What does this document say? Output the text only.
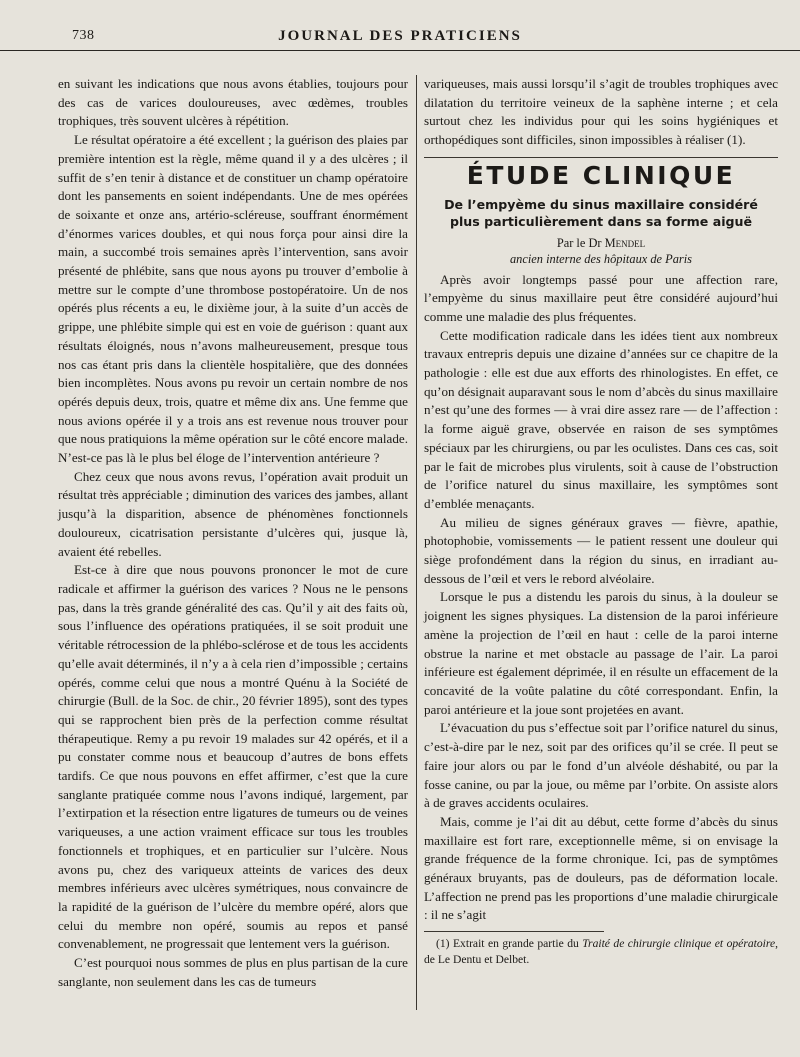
738	JOURNAL DES PRATICIENS

en suivant les indications que nous avons établies, toujours pour des cas de varices douloureuses, avec œdèmes, troubles trophiques, très souvent ulcères à répétition.

Le résultat opératoire a été excellent ; la guérison des plaies par première intention est la règle, même quand il y a des ulcères ; il suffit de s’en tenir à distance et de constituer un champ opératoire dont les pansements en soient indépendants. Une de mes opérées de soixante et onze ans, artério-scléreuse, souffrant énormément d’énormes varices doubles, et qui nous força pour ainsi dire la main, a succombé trois semaines après l’intervention, sans avoir présenté de phlébite, sans que nous ayons pu trouver d’embolie à mettre sur le compte d’une thrombose postopératoire. Un de nos opérés plus récents a eu, le dixième jour, à la suite d’un accès de grippe, une phlébite simple qui est en voie de guérison : quant aux résultats éloignés, nous n’avons malheureusement, presque tous nos cas étant pris dans la clientèle hospitalière, que des données bien incomplètes. Nous avons pu revoir un certain nombre de nos opérés depuis deux, trois, quatre et même dix ans. Une femme que nous avions opérée il y a trois ans est revenue nous trouver pour que nous pratiquions la même opération sur le côté encore malade. N’est-ce pas là le plus bel éloge de l’intervention antérieure ?

Chez ceux que nous avons revus, l’opération avait produit un résultat très appréciable ; diminution des varices des jambes, allant jusqu’à la disparition, absence de phénomènes fonctionnels douloureux, cicatrisation persistante d’ulcères qui, jusque là, avaient été rebelles.

Est-ce à dire que nous pouvons prononcer le mot de cure radicale et affirmer la guérison des varices ? Nous ne le pensons pas, dans la très grande généralité des cas. Qu’il y ait des faits où, sous l’influence des opérations pratiquées, il se soit produit une véritable rétrocession de la phlébo-sclérose et de tous les accidents qu’elle avait déterminés, il n’y a à cela rien d’impossible ; certains opérés, comme celui que nous a montré Quénu à la Société de chirurgie (Bull. de la Soc. de chir., 20 février 1895), sont des types qui se rapprochent bien près de la perfection comme résultat thérapeutique. Remy a pu revoir 19 malades sur 42 opérés, et il a pu constater comme nous et beaucoup d’autres de bons effets tardifs. Ce que nous pouvons en effet affirmer, c’est que la cure sanglante pratiquée comme nous l’avons indiqué, largement, par l’extirpation et la résection entre ligatures de tumeurs ou de veines variqueuses, a une action vraiment efficace sur tous les troubles fonctionnels et trophiques, et en particulier sur l’ulcère. Nous avons pu, chez des variqueux atteints de varices des deux membres inférieurs avec ulcères symétriques, nous convaincre de la rapidité de la guérison de l’ulcère du membre opéré, alors que celui du membre non opéré, soumis au repos et pansé convenablement, ne progressait que lentement vers la guérison.

C’est pourquoi nous sommes de plus en plus partisan de la cure sanglante, non seulement dans les cas de tumeurs

variqueuses, mais aussi lorsqu’il s’agit de troubles trophiques avec dilatation du territoire veineux de la saphène interne ; et cela surtout chez les individus pour qui les soins hygiéniques et orthopédiques sont difficiles, sinon impossibles à réaliser (1).

ÉTUDE CLINIQUE
De l’empyème du sinus maxillaire considéré plus particulièrement dans sa forme aiguë
Par le Dr Mendel
ancien interne des hôpitaux de Paris

Après avoir longtemps passé pour une affection rare, l’empyème du sinus maxillaire peut être considéré aujourd’hui comme une maladie des plus fréquentes.

Cette modification radicale dans les idées tient aux nombreux travaux entrepris depuis une dizaine d’années sur ce chapitre de la pathologie : elle est due aux efforts des rhinologistes. En effet, ce qu’on désignait auparavant sous le nom d’abcès du sinus maxillaire n’est qu’une des formes — à vrai dire assez rare — de l’affection : la forme aiguë grave, observée en raison de ses symptômes spéciaux par les chirurgiens, ou par les oculistes. Dans ces cas, soit par le fait de microbes plus virulents, soit à cause de l’obstruction de l’orifice naturel du sinus maxillaire, les symptômes sont d’emblée menaçants.

Au milieu de signes généraux graves — fièvre, apathie, photophobie, vomissements — le patient ressent une douleur qui siège profondément dans la région du sinus, en irradiant au-dessous de l’œil et vers le rebord alvéolaire.

Lorsque le pus a distendu les parois du sinus, à la douleur se joignent les signes physiques. La distension de la paroi inférieure amène la projection de l’œil en haut : celle de la paroi interne obstrue la narine et met obstacle au passage de l’air. La paroi inférieure est également déprimée, il en résulte un effacement de la concavité de la voûte palatine du côté correspondant. Enfin, la paroi antérieure et la joue sont projetées en avant.

L’évacuation du pus s’effectue soit par l’orifice naturel du sinus, c’est-à-dire par le nez, soit par des orifices qu’il se crée. Il peut se faire jour alors ou par le fond d’un alvéole déshabité, ou par la fosse canine, ou par la joue, ou même par l’orbite. On assiste alors à de graves accidents oculaires.

Mais, comme je l’ai dit au début, cette forme d’abcès du sinus maxillaire est fort rare, exceptionnelle même, si on envisage la grande fréquence de la forme chronique. Ici, pas de symptômes généraux bruyants, pas de douleurs, pas de déformation locale. L’affection ne prend pas les proportions d’une maladie chirurgicale : il ne s’agit

(1) Extrait en grande partie du Traité de chirurgie clinique et opératoire, de Le Dentu et Delbet.
